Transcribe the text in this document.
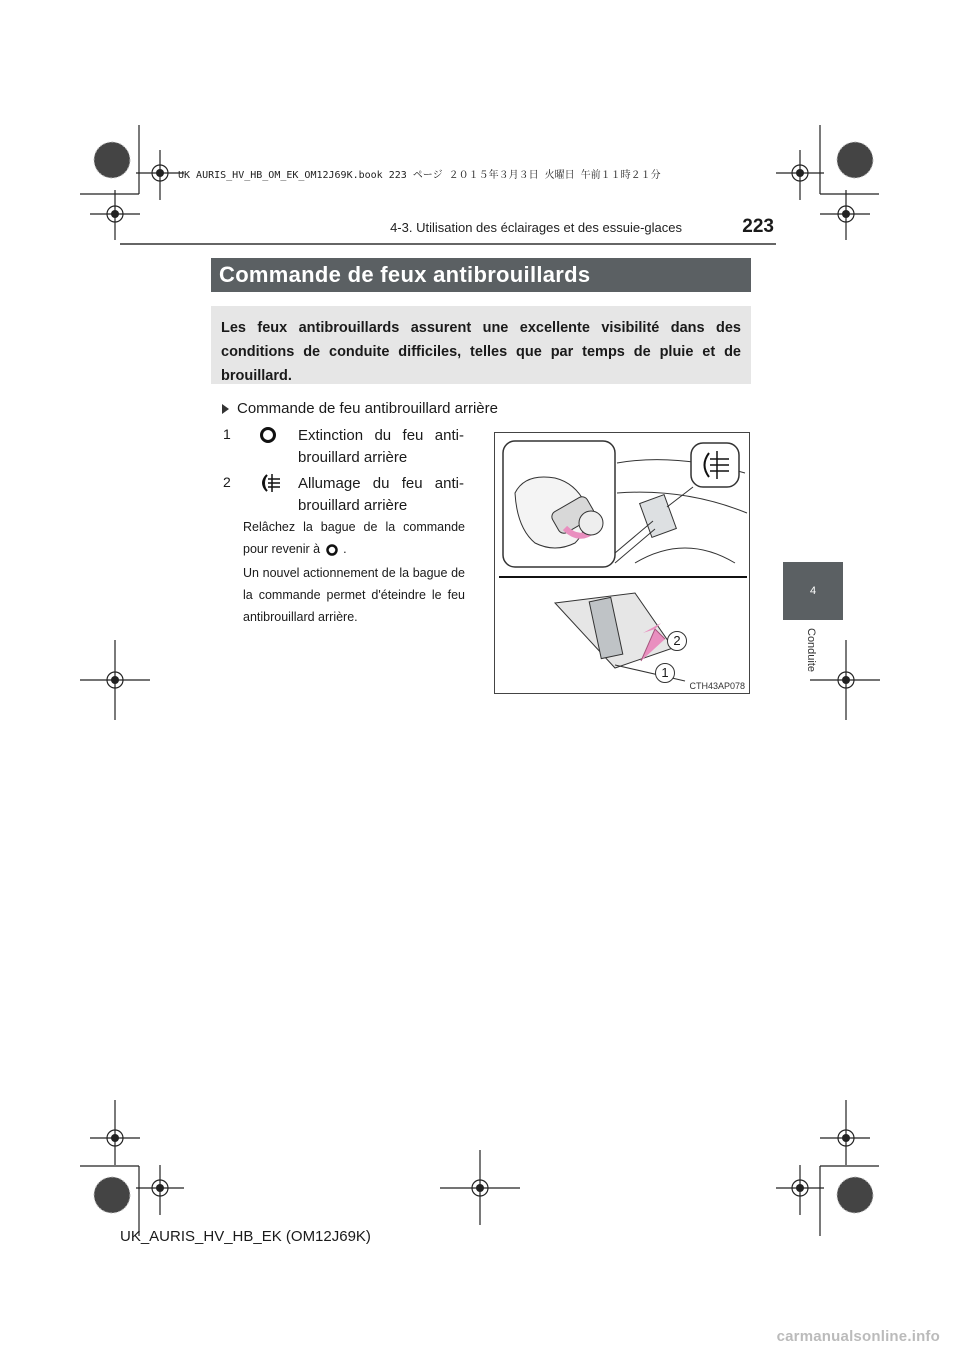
UK AURIS_HV_HB_OM_EK_OM12J69K.book 223 ページ ２０１５年３月３日 火曜日 午前１１時２１分
223
4-3. Utilisation des éclairages et des essuie-glaces
Commande de feux antibrouillards
Les feux antibrouillards assurent une excellente visibilité dans des conditions de conduite difficiles, telles que par temps de pluie et de brouillard.
Commande de feu antibrouillard arrière
1	Extinction du feu anti-brouillard arrière
2	Allumage du feu anti-brouillard arrière
Relâchez la bague de la commande pour revenir à .
Un nouvel actionnement de la bague de la commande permet d'éteindre le feu antibrouillard arrière.
2
1
CTH43AP078
4
Conduite
UK_AURIS_HV_HB_EK (OM12J69K)
carmanualsonline.info
